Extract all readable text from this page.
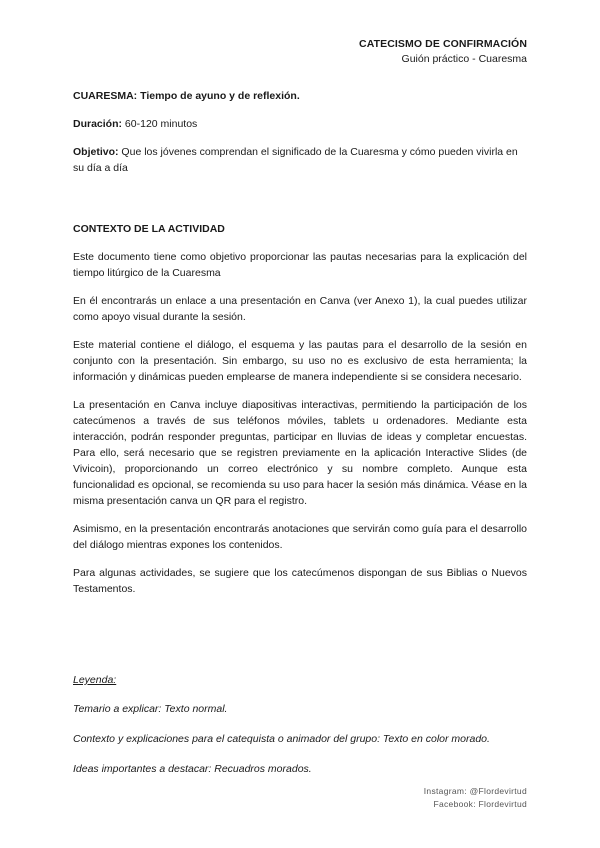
CATECISMO DE CONFIRMACIÓN
Guión práctico - Cuaresma

CUARESMA: Tiempo de ayuno y de reflexión.

Duración: 60-120 minutos

Objetivo: Que los jóvenes comprendan el significado de la Cuaresma y cómo pueden vivirla en su día a día

CONTEXTO DE LA ACTIVIDAD

Este documento tiene como objetivo proporcionar las pautas necesarias para la explicación del tiempo litúrgico de la Cuaresma

En él encontrarás un enlace a una presentación en Canva (ver Anexo 1), la cual puedes utilizar como apoyo visual durante la sesión.

Este material contiene el diálogo, el esquema y las pautas para el desarrollo de la sesión en conjunto con la presentación. Sin embargo, su uso no es exclusivo de esta herramienta; la información y dinámicas pueden emplearse de manera independiente si se considera necesario.

La presentación en Canva incluye diapositivas interactivas, permitiendo la participación de los catecúmenos a través de sus teléfonos móviles, tablets u ordenadores. Mediante esta interacción, podrán responder preguntas, participar en lluvias de ideas y completar encuestas. Para ello, será necesario que se registren previamente en la aplicación Interactive Slides (de Vivicoin), proporcionando un correo electrónico y su nombre completo. Aunque esta funcionalidad es opcional, se recomienda su uso para hacer la sesión más dinámica. Véase en la misma presentación canva un QR para el registro.

Asimismo, en la presentación encontrarás anotaciones que servirán como guía para el desarrollo del diálogo mientras expones los contenidos.

Para algunas actividades, se sugiere que los catecúmenos dispongan de sus Biblias o Nuevos Testamentos.

Leyenda:
Temario a explicar: Texto normal.
Contexto y explicaciones para el catequista o animador del grupo: Texto en color morado.
Ideas importantes a destacar: Recuadros morados.
Instagram: @Flordevirtud
Facebook: Flordevirtud
